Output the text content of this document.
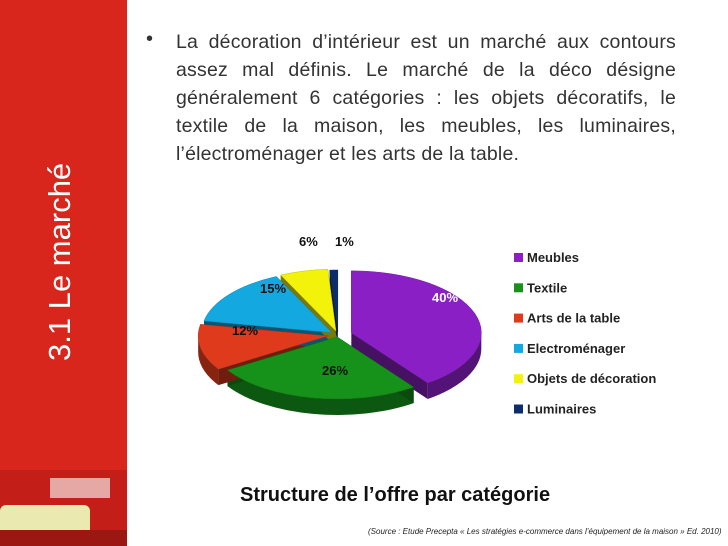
3.1 Le marché
•	La décoration d’intérieur est un marché aux contours assez mal définis. Le marché de la déco désigne généralement 6 catégories : les objets décoratifs, le textile de la maison, les meubles, les luminaires, l’électroménager et les arts de la table.
40%
26%
12%
15%
6% 1%
Meubles
Textile
Arts de la table
Electroménager
Objets de décoration
Luminaires
Structure de l’offre par catégorie
(Source : Etude Precepta « Les stratégies e-commerce dans l’équipement de la maison » Ed. 2010)
